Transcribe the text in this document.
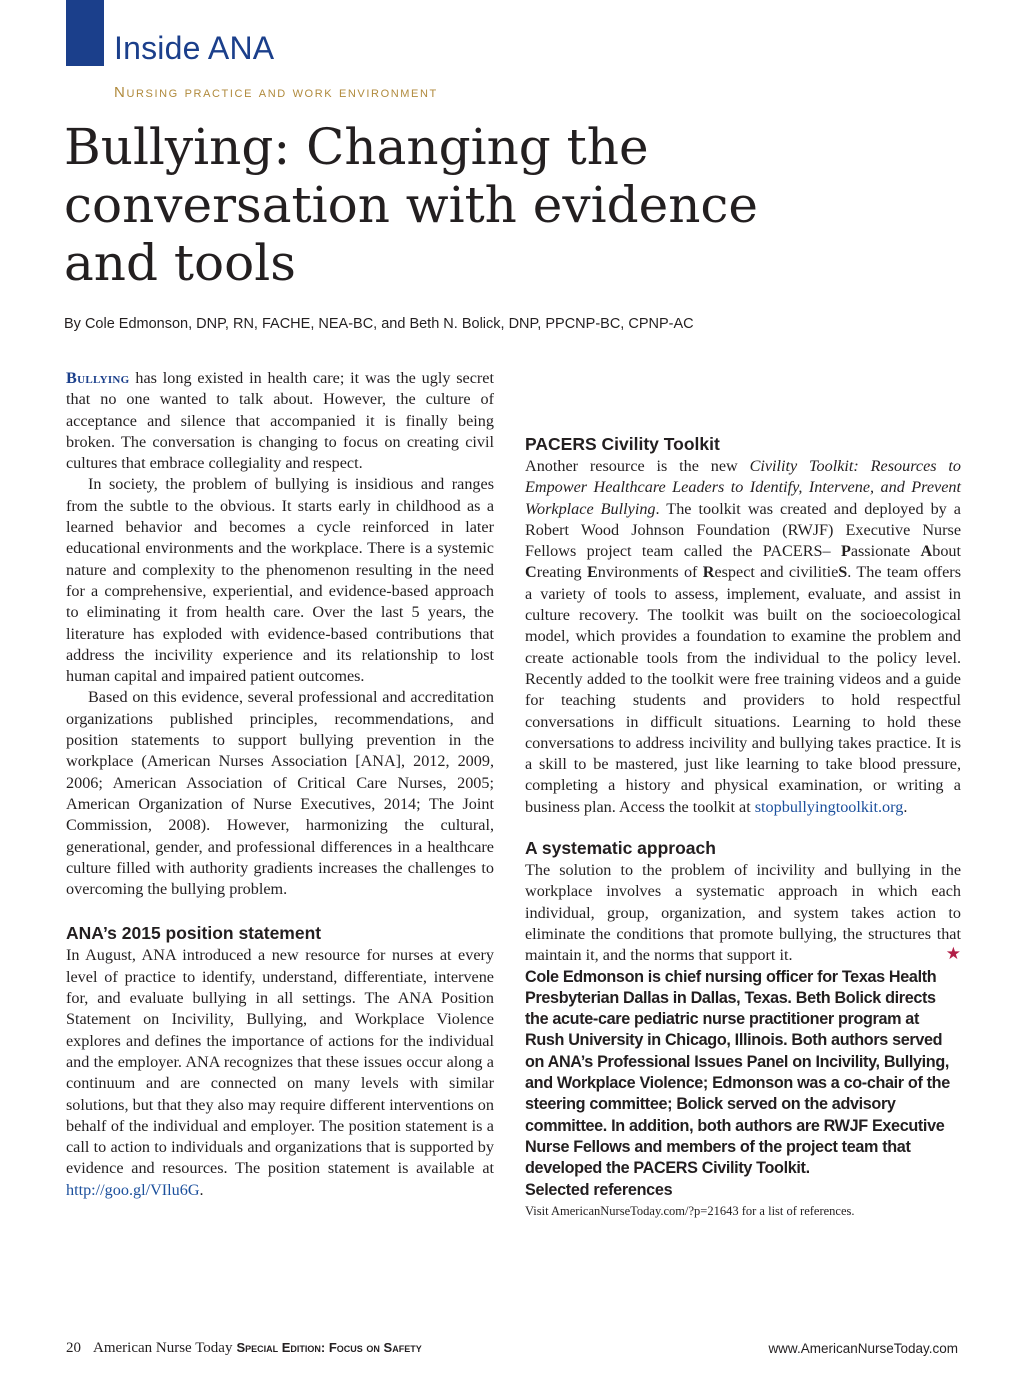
Inside ANA
Nursing practice and work environment
Bullying: Changing the conversation with evidence and tools

By Cole Edmonson, DNP, RN, FACHE, NEA-BC, and Beth N. Bolick, DNP, PPCNP-BC, CPNP-AC

Bullying has long existed in health care; it was the ugly secret that no one wanted to talk about. However, the culture of acceptance and silence that accompanied it is finally being broken. The conversation is changing to focus on creating civil cultures that embrace collegiality and respect.

In society, the problem of bullying is insidious and ranges from the subtle to the obvious. It starts early in childhood as a learned behavior and becomes a cycle reinforced in later educational environments and the workplace. There is a systemic nature and complexity to the phenomenon resulting in the need for a comprehensive, experiential, and evidence-based approach to eliminating it from health care. Over the last 5 years, the literature has exploded with evidence-based contributions that address the incivility experience and its relationship to lost human capital and impaired patient outcomes.

Based on this evidence, several professional and accreditation organizations published principles, recommendations, and position statements to support bullying prevention in the workplace (American Nurses Association [ANA], 2012, 2009, 2006; American Association of Critical Care Nurses, 2005; American Organization of Nurse Executives, 2014; The Joint Commission, 2008). However, harmonizing the cultural, generational, gender, and professional differences in a healthcare culture filled with authority gradients increases the challenges to overcoming the bullying problem.

ANA’s 2015 position statement

In August, ANA introduced a new resource for nurses at every level of practice to identify, understand, differentiate, intervene for, and evaluate bullying in all settings. The ANA Position Statement on Incivility, Bullying, and Workplace Violence explores and defines the importance of actions for the individual and the employer. ANA recognizes that these issues occur along a continuum and are connected on many levels with similar solutions, but that they also may require different interventions on behalf of the individual and employer. The position statement is a call to action to individuals and organizations that is supported by evidence and resources. The position statement is available at http://goo.gl/VIlu6G.

PACERS Civility Toolkit

Another resource is the new Civility Toolkit: Resources to Empower Healthcare Leaders to Identify, Intervene, and Prevent Workplace Bullying. The toolkit was created and deployed by a Robert Wood Johnson Foundation (RWJF) Executive Nurse Fellows project team called the PACERS– Passionate About Creating Environments of Respect and civilitieS. The team offers a variety of tools to assess, implement, evaluate, and assist in culture recovery. The toolkit was built on the socioecological model, which provides a foundation to examine the problem and create actionable tools from the individual to the policy level. Recently added to the toolkit were free training videos and a guide for teaching students and providers to hold respectful conversations in difficult situations. Learning to hold these conversations to address incivility and bullying takes practice. It is a skill to be mastered, just like learning to take blood pressure, completing a history and physical examination, or writing a business plan. Access the toolkit at stopbullyingtoolkit.org.

A systematic approach

The solution to the problem of incivility and bullying in the workplace involves a systematic approach in which each individual, group, organization, and system takes action to eliminate the conditions that promote bullying, the structures that maintain it, and the norms that support it.	★

Cole Edmonson is chief nursing officer for Texas Health Presbyterian Dallas in Dallas, Texas. Beth Bolick directs the acute-care pediatric nurse practitioner program at Rush University in Chicago, Illinois. Both authors served on ANA’s Professional Issues Panel on Incivility, Bullying, and Workplace Violence; Edmonson was a co-chair of the steering committee; Bolick served on the advisory committee. In addition, both authors are RWJF Executive Nurse Fellows and members of the project team that developed the PACERS Civility Toolkit.

Selected references

Visit AmericanNurseToday.com/?p=21643 for a list of references.

20 American Nurse Today Special Edition: Focus on Safety	www.AmericanNurseToday.com
